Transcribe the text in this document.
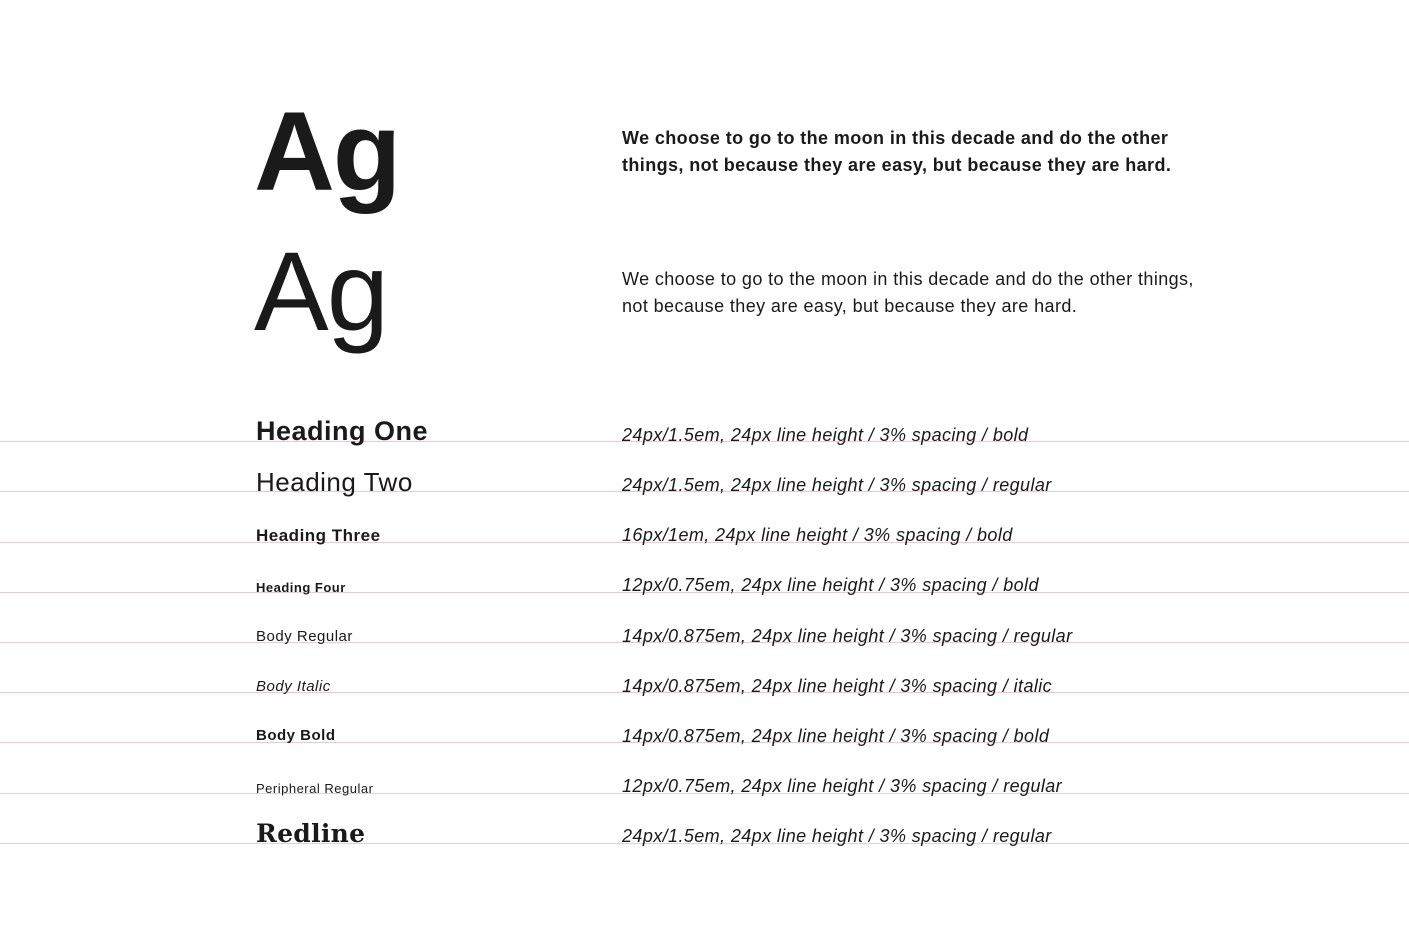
Ag	We choose to go to the moon in this decade and do the other things, not because they are easy, but because they are hard.
Ag	We choose to go to the moon in this decade and do the other things, not because they are easy, but because they are hard.
Heading One	24px/1.5em, 24px line height / 3% spacing / bold
Heading Two	24px/1.5em, 24px line height / 3% spacing / regular
Heading Three	16px/1em, 24px line height / 3% spacing / bold
Heading Four	12px/0.75em, 24px line height / 3% spacing / bold
Body Regular	14px/0.875em, 24px line height / 3% spacing / regular
Body Italic	14px/0.875em, 24px line height / 3% spacing / italic
Body Bold	14px/0.875em, 24px line height / 3% spacing / bold
Peripheral Regular	12px/0.75em, 24px line height / 3% spacing / regular
Redline	24px/1.5em, 24px line height / 3% spacing / regular
